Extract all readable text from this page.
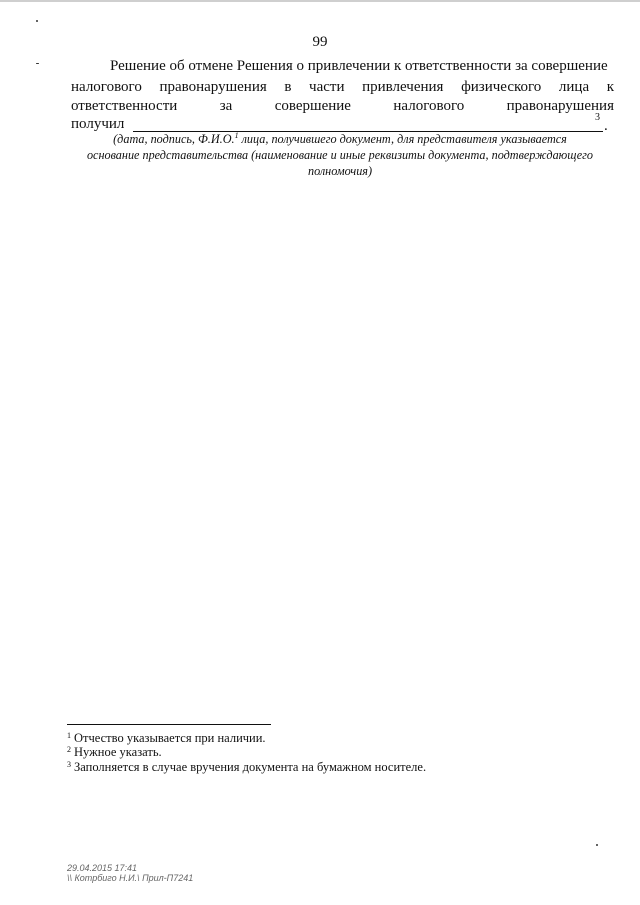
99
Решение об отмене Решения о привлечении к ответственности за совершение
налогового правонарушения в части привлечения физического лица к
ответственности	за	совершение	налогового	правонарушения
получил	3
.
(дата, подпись, Ф.И.О.$^1$ лица, получившего документ, для представителя указывается
основание представительства (наименование и иные реквизиты документа, подтверждающего
полномочия)
$^1$ Отчество указывается при наличии.
$^2$ Нужное указать.
$^3$ Заполняется в случае вручения документа на бумажном носителе.
29.04.2015 17:41
\\ Котрбиго Н.И.\ Прил-П7241
